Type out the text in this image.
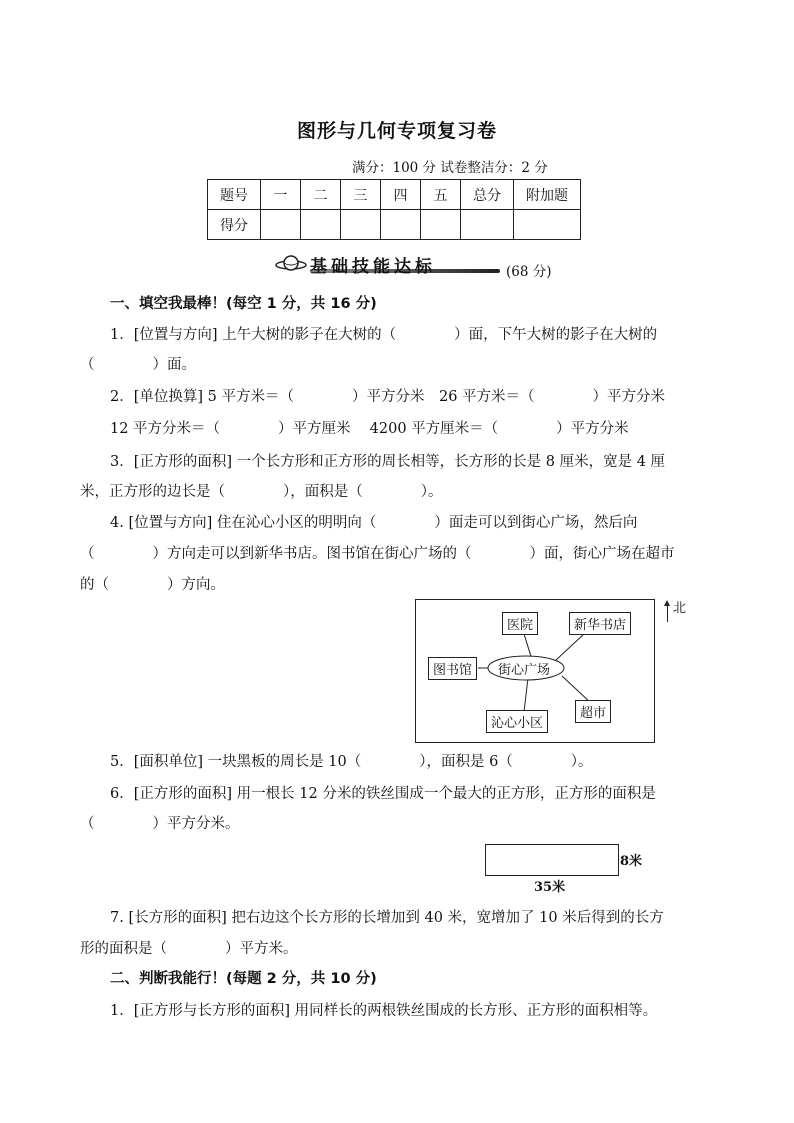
图形与几何专项复习卷
满分：100 分 试卷整洁分：2 分
题号	一	二	三	四	五	总分	附加题
得分							
基础技能达标	(68 分)
一、填空我最棒！(每空 1 分，共 16 分)
1．[位置与方向] 上午大树的影子在大树的（　　　　）面，下午大树的影子在大树的
（　　　　）面。
2．[单位换算] 5 平方米＝（　　　　）平方分米　26 平方米＝（　　　　）平方分米
12 平方分米＝（　　　　）平方厘米　 4200 平方厘米＝（　　　　）平方分米
3．[正方形的面积] 一个长方形和正方形的周长相等，长方形的长是 8 厘米，宽是 4 厘
米，正方形的边长是（　　　　），面积是（　　　　）。
4. [位置与方向] 住在沁心小区的明明向（　　　　）面走可以到街心广场，然后向
（　　　　）方向走可以到新华书店。图书馆在街心广场的（　　　　）面，街心广场在超市
的（　　　　）方向。
医院	新华书店
图书馆	街心广场
沁心小区
超市
北
5．[面积单位] 一块黑板的周长是 10（　　　　），面积是 6（　　　　）。
6．[正方形的面积] 用一根长 12 分米的铁丝围成一个最大的正方形，正方形的面积是
（　　　　）平方分米。
8米
35米
7. [长方形的面积] 把右边这个长方形的长增加到 40 米，宽增加了 10 米后得到的长方
形的面积是（　　　　）平方米。
二、判断我能行！(每题 2 分，共 10 分)
1．[正方形与长方形的面积] 用同样长的两根铁丝围成的长方形、正方形的面积相等。
